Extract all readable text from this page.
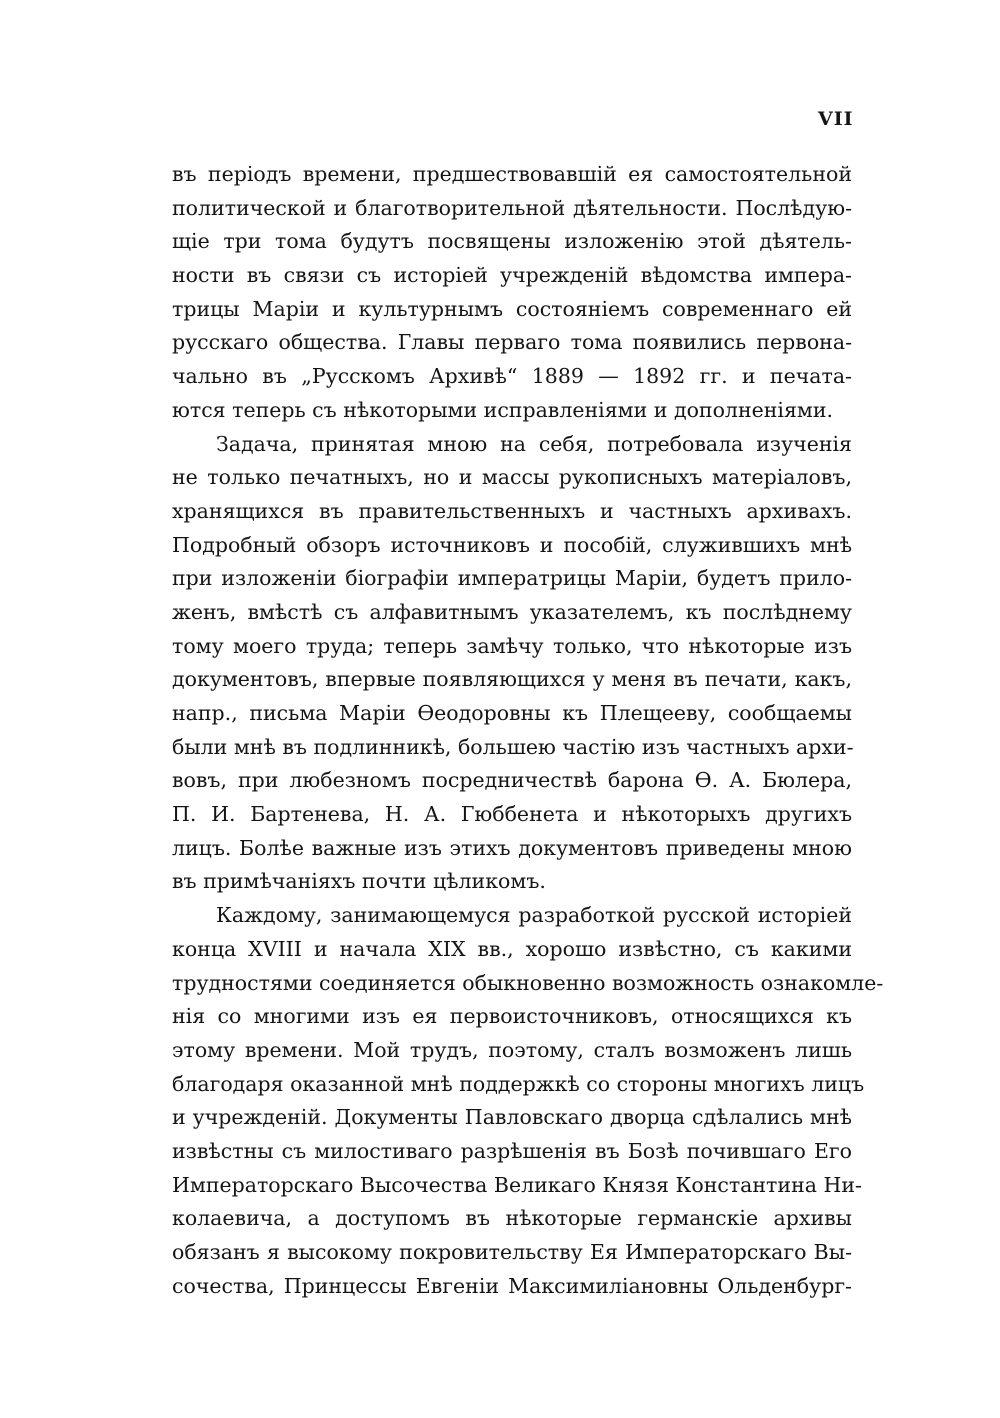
VII
въ періодъ времени, предшествовавшій ея самостоятельной
политической и благотворительной дѣятельности. Послѣдую-
щіе три тома будутъ посвящены изложенію этой дѣятель-
ности въ связи съ исторіей учрежденій вѣдомства импера-
трицы Маріи и культурнымъ состояніемъ современнаго ей
русскаго общества. Главы перваго тома появились первона-
чально въ „Русскомъ Архивѣ“ 1889 — 1892 гг. и печата-
ются теперь съ нѣкоторыми исправленіями и дополненіями.
Задача, принятая мною на себя, потребовала изученія
не только печатныхъ, но и массы рукописныхъ матеріаловъ,
хранящихся въ правительственныхъ и частныхъ архивахъ.
Подробный обзоръ источниковъ и пособій, служившихъ мнѣ
при изложеніи біографіи императрицы Маріи, будетъ прило-
женъ, вмѣстѣ съ алфавитнымъ указателемъ, къ послѣднему
тому моего труда; теперь замѣчу только, что нѣкоторые изъ
документовъ, впервые появляющихся у меня въ печати, какъ,
напр., письма Маріи Ѳеодоровны къ Плещееву, сообщаемы
были мнѣ въ подлинникѣ, большею частію изъ частныхъ архи-
вовъ, при любезномъ посредничествѣ барона Ѳ. А. Бюлера,
П. И. Бартенева, Н. А. Гюббенета и нѣкоторыхъ другихъ
лицъ. Болѣе важные изъ этихъ документовъ приведены мною
въ примѣчаніяхъ почти цѣликомъ.
Каждому, занимающемуся разработкой русской исторіей
конца XVIII и начала XIX вв., хорошо извѣстно, съ какими
трудностями соединяется обыкновенно возможность ознакомле-
нія со многими изъ ея первоисточниковъ, относящихся къ
этому времени. Мой трудъ, поэтому, сталъ возможенъ лишь
благодаря оказанной мнѣ поддержкѣ со стороны многихъ лицъ
и учрежденій. Документы Павловскаго дворца сдѣлались мнѣ
извѣстны съ милостиваго разрѣшенія въ Бозѣ почившаго Его
Императорскаго Высочества Великаго Князя Константина Ни-
колаевича, а доступомъ въ нѣкоторые германскіе архивы
обязанъ я высокому покровительству Ея Императорскаго Вы-
сочества, Принцессы Евгеніи Максимиліановны Ольденбург-
